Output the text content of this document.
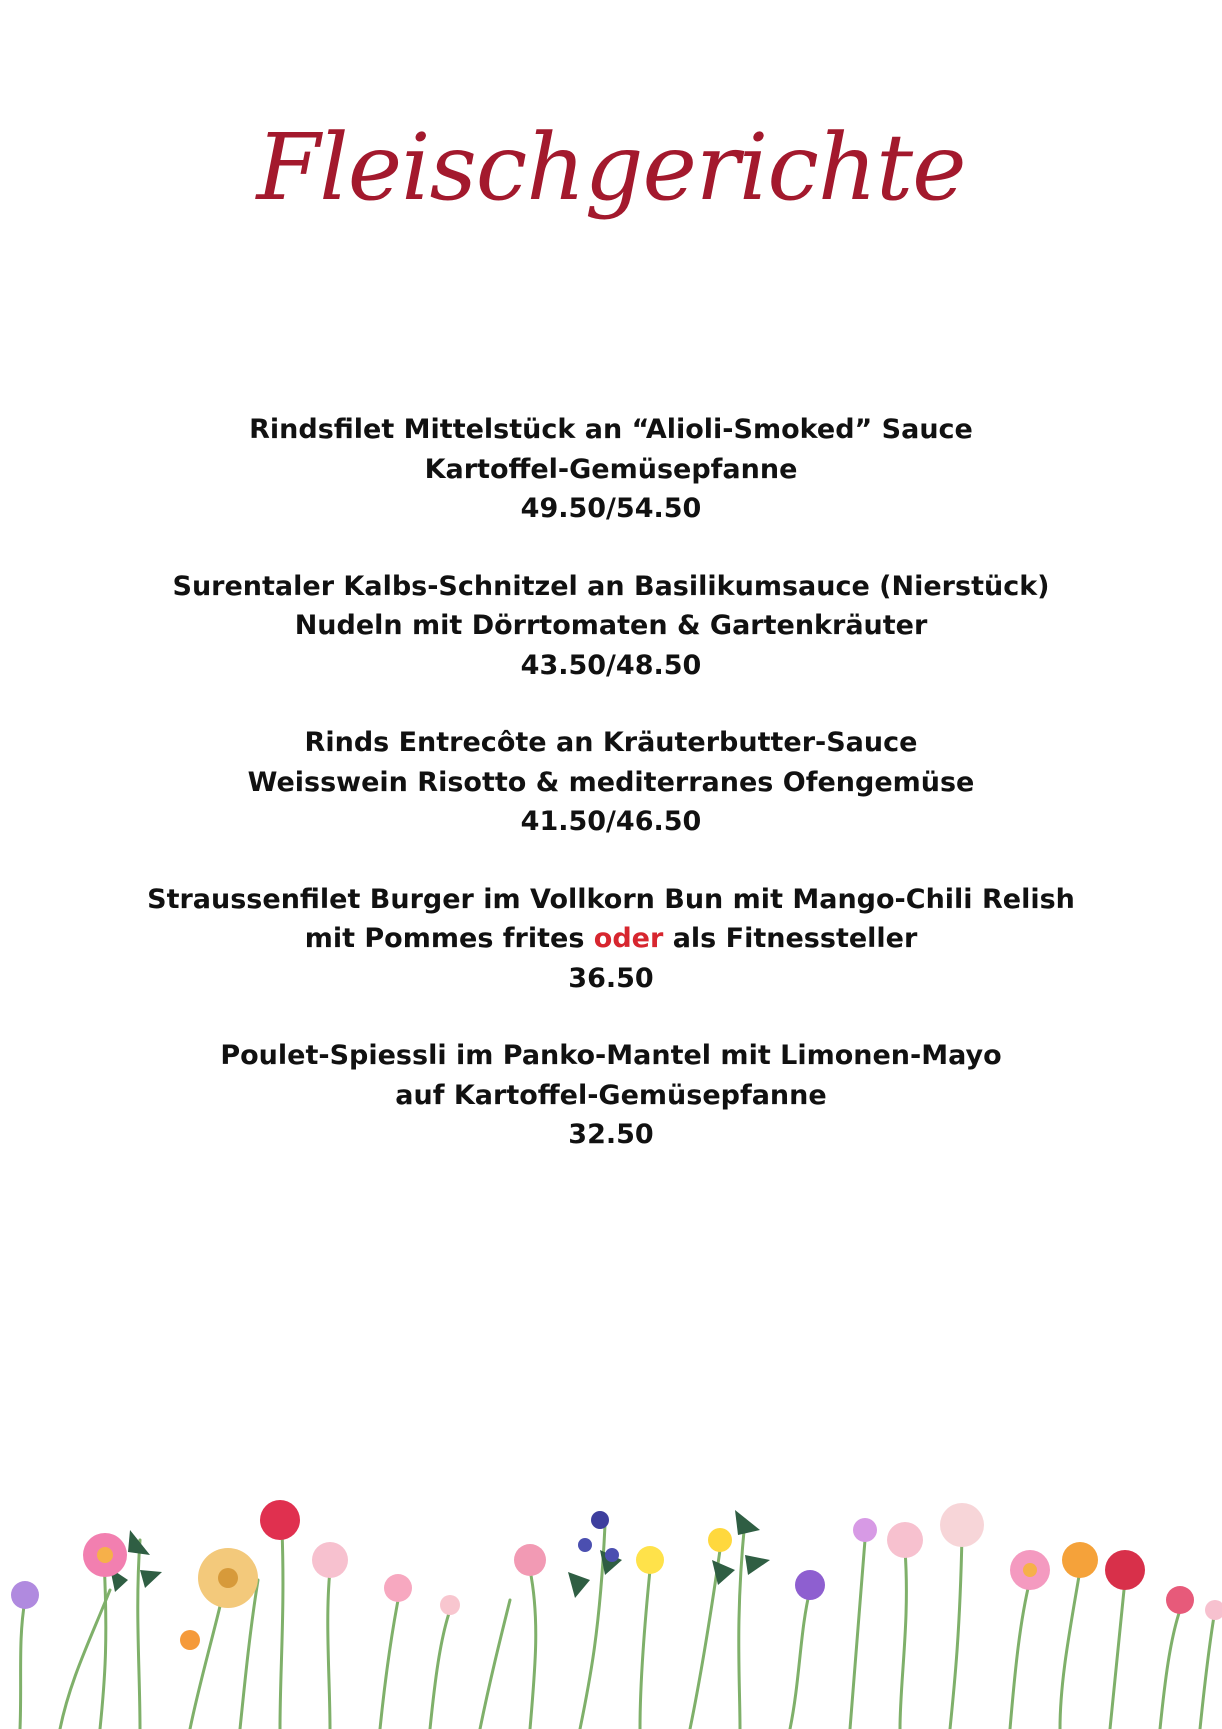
Fleischgerichte
Rindsfilet Mittelstück an “Alioli-Smoked” Sauce
Kartoffel-Gemüsepfanne
49.50/54.50
Surentaler Kalbs-Schnitzel an Basilikumsauce (Nierstück)
Nudeln mit Dörrtomaten & Gartenkräuter
43.50/48.50
Rinds Entrecôte an Kräuterbutter-Sauce
Weisswein Risotto & mediterranes Ofengemüse
41.50/46.50
Straussenfilet Burger im Vollkorn Bun mit Mango-Chili Relish
mit Pommes frites oder als Fitnessteller
36.50
Poulet-Spiessli im Panko-Mantel mit Limonen-Mayo
auf Kartoffel-Gemüsepfanne
32.50
